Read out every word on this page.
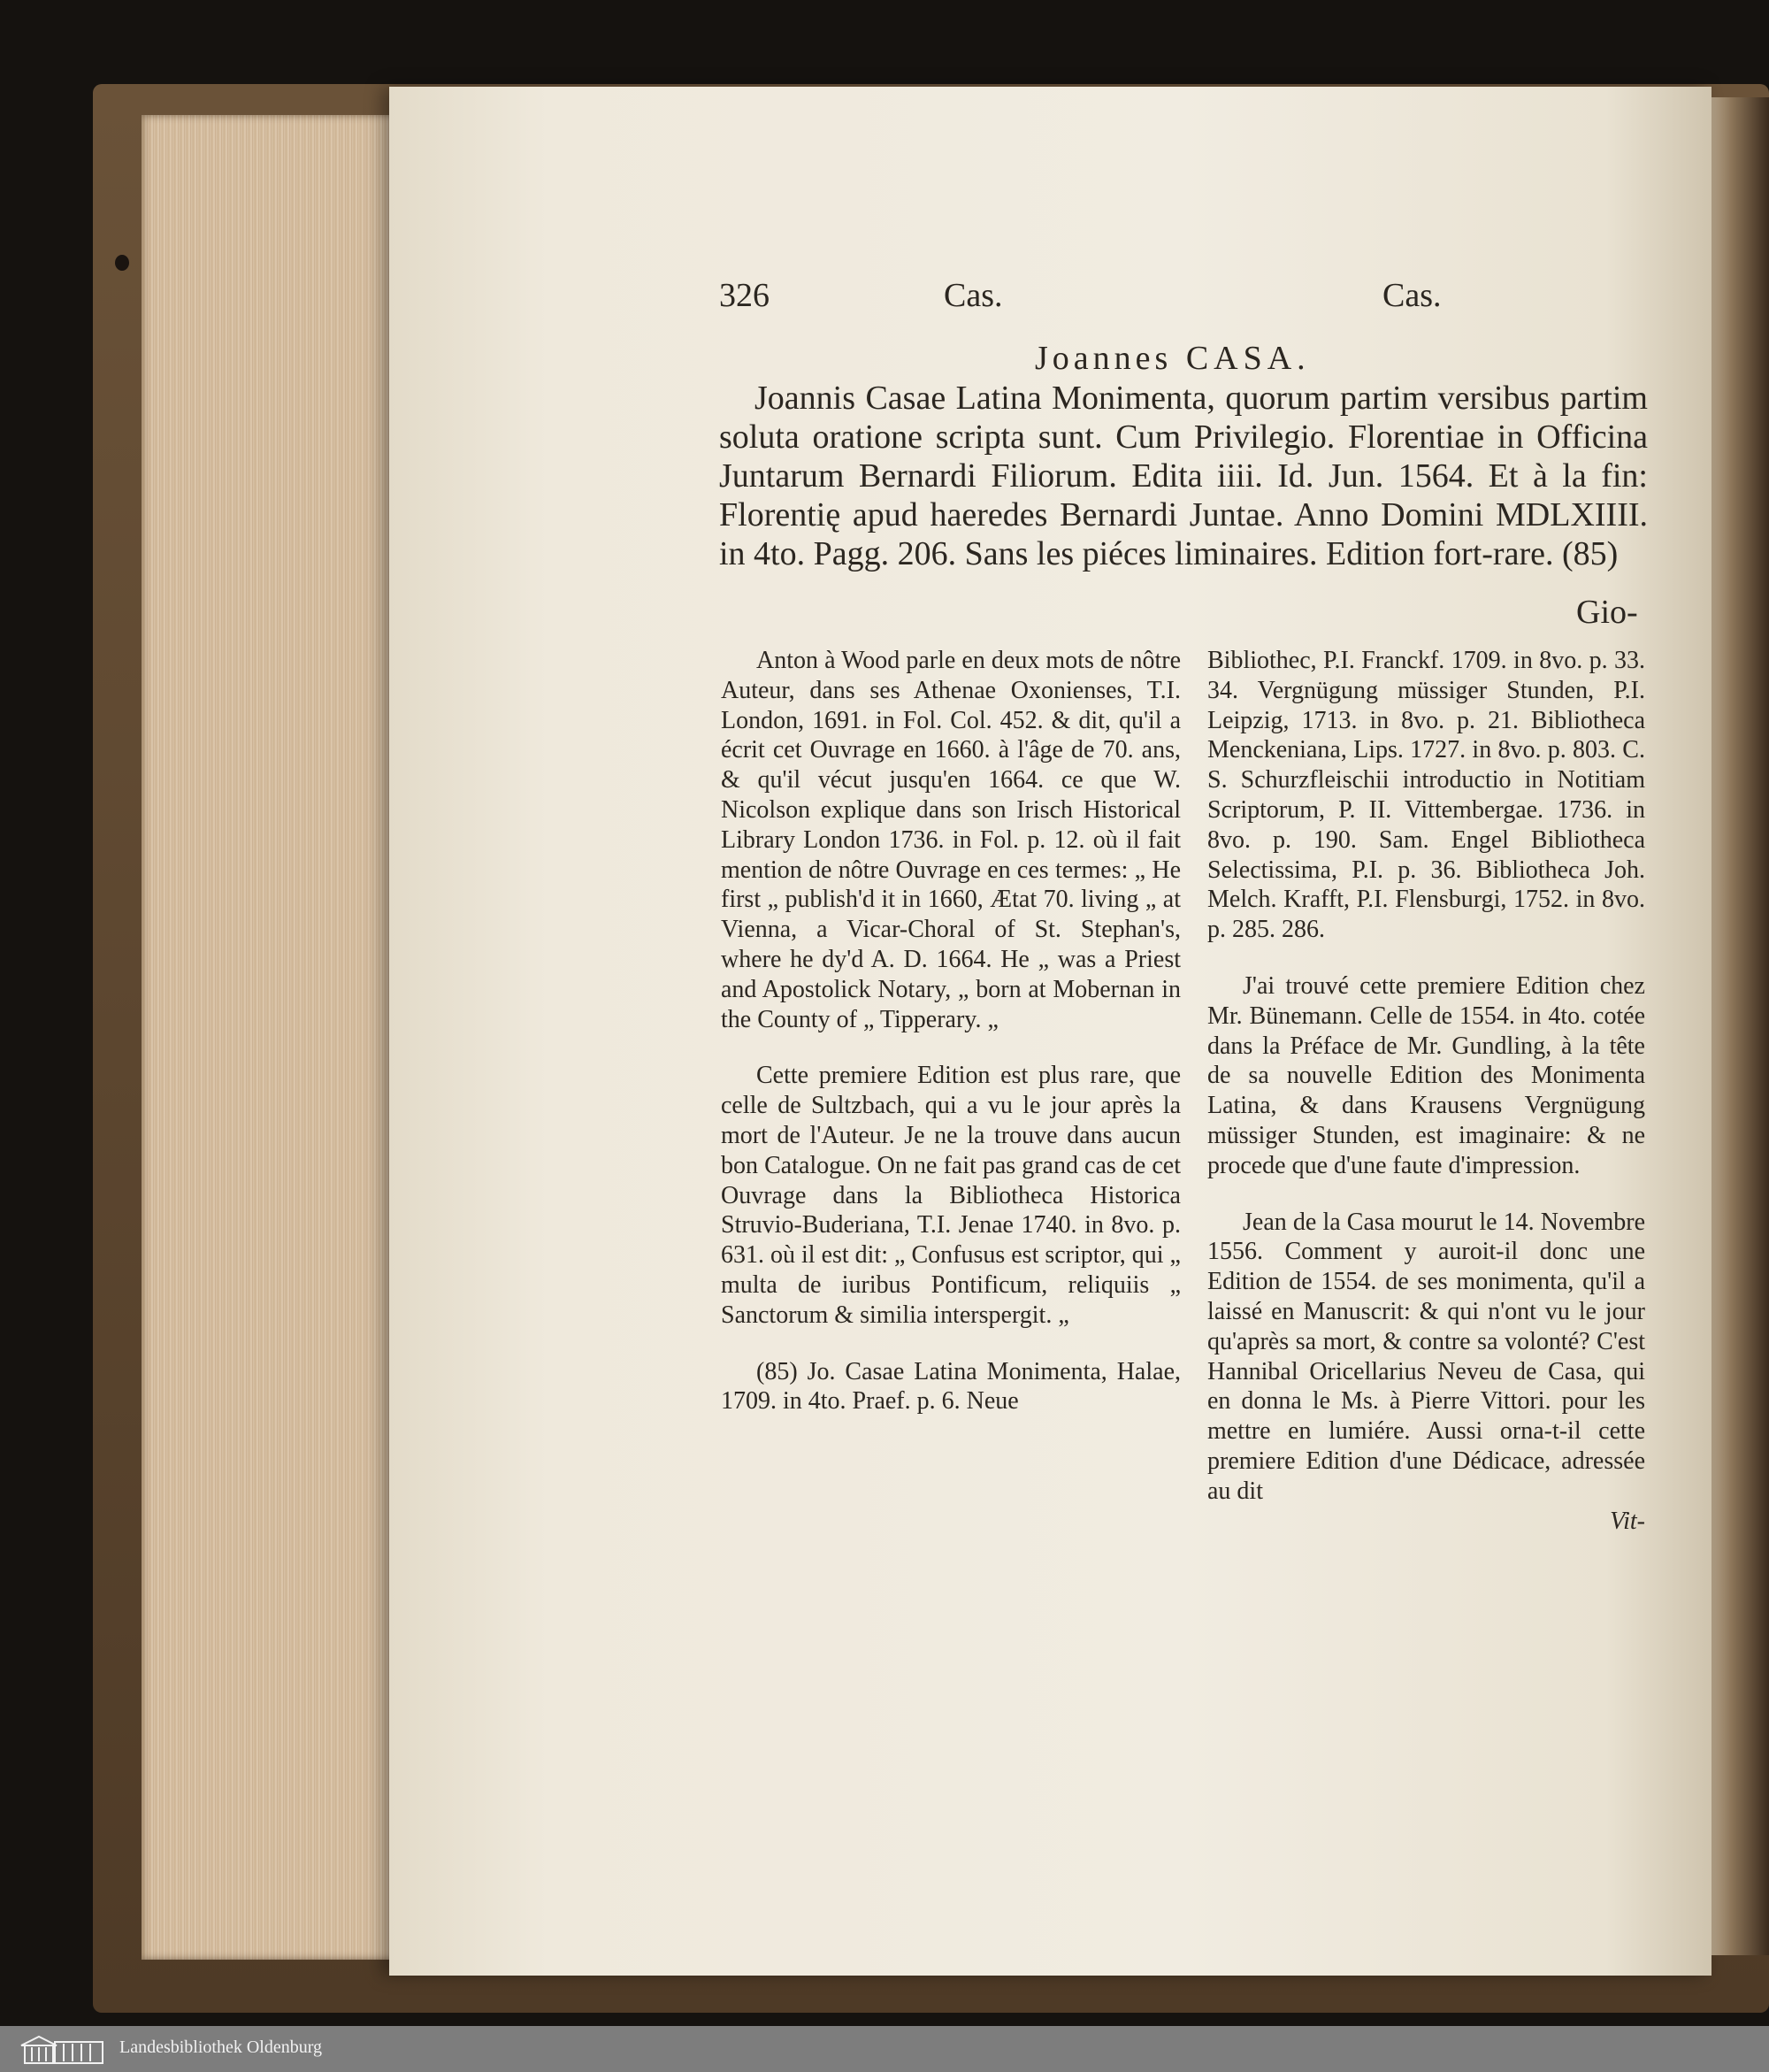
326	Cas.	Cas.
Joannes CASA.

Joannis Casae Latina Monimenta, quorum partim versibus partim soluta oratione scripta sunt. Cum Privilegio. Florentiae in Officina Juntarum Bernardi Filiorum. Edita iiii. Id. Jun. 1564. Et à la fin: Florentię apud haeredes Bernardi Juntae. Anno Domini MDLXIIII. in 4to. Pagg. 206. Sans les piéces liminaires. Edition fort-rare. (85)

Gio-

Anton à Wood parle en deux mots de nôtre Auteur, dans ses Athenae Oxonienses, T.I. London, 1691. in Fol. Col. 452. & dit, qu'il a écrit cet Ouvrage en 1660. à l'âge de 70. ans, & qu'il vécut jusqu'en 1664. ce que W. Nicolson explique dans son Irisch Historical Library London 1736. in Fol. p. 12. où il fait mention de nôtre Ouvrage en ces termes: „ He first „ publish'd it in 1660, Ætat 70. living „ at Vienna, a Vicar-Choral of St. Stephan's, where he dy'd A. D. 1664. He „ was a Priest and Apostolick Notary, „ born at Mobernan in the County of „ Tipperary. „

Cette premiere Edition est plus rare, que celle de Sultzbach, qui a vu le jour après la mort de l'Auteur. Je ne la trouve dans aucun bon Catalogue. On ne fait pas grand cas de cet Ouvrage dans la Bibliotheca Historica Struvio-Buderiana, T.I. Jenae 1740. in 8vo. p. 631. où il est dit: „ Confusus est scriptor, qui „ multa de iuribus Pontificum, reliquiis „ Sanctorum & similia interspergit. „

(85) Jo. Casae Latina Monimenta, Halae, 1709. in 4to. Praef. p. 6. Neue

Bibliothec, P.I. Franckf. 1709. in 8vo. p. 33. 34. Vergnügung müssiger Stunden, P.I. Leipzig, 1713. in 8vo. p. 21. Bibliotheca Menckeniana, Lips. 1727. in 8vo. p. 803. C. S. Schurzfleischii introductio in Notitiam Scriptorum, P. II. Vittembergae. 1736. in 8vo. p. 190. Sam. Engel Bibliotheca Selectissima, P.I. p. 36. Bibliotheca Joh. Melch. Krafft, P.I. Flensburgi, 1752. in 8vo. p. 285. 286.

J'ai trouvé cette premiere Edition chez Mr. Bünemann. Celle de 1554. in 4to. cotée dans la Préface de Mr. Gundling, à la tête de sa nouvelle Edition des Monimenta Latina, & dans Krausens Vergnügung müssiger Stunden, est imaginaire: & ne procede que d'une faute d'impression.

Jean de la Casa mourut le 14. Novembre 1556. Comment y auroit-il donc une Edition de 1554. de ses monimenta, qu'il a laissé en Manuscrit: & qui n'ont vu le jour qu'après sa mort, & contre sa volonté? C'est Hannibal Oricellarius Neveu de Casa, qui en donna le Ms. à Pierre Vittori. pour les mettre en lumiére. Aussi orna-t-il cette premiere Edition d'une Dédicace, adressée au dit

Vit-

Landesbibliothek Oldenburg
